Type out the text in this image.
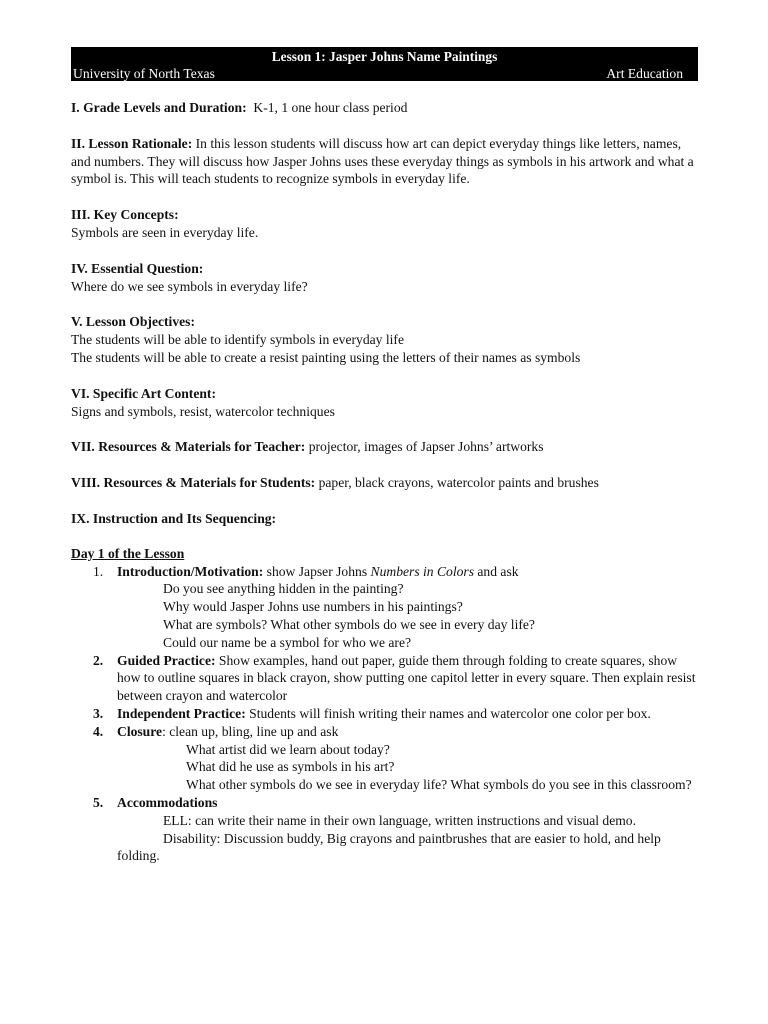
Lesson 1: Jasper Johns Name Paintings
University of North Texas	Art Education

I. Grade Levels and Duration:  K-1, 1 one hour class period

II. Lesson Rationale: In this lesson students will discuss how art can depict everyday things like letters, names, and numbers. They will discuss how Jasper Johns uses these everyday things as symbols in his artwork and what a symbol is. This will teach students to recognize symbols in everyday life.

III. Key Concepts:

Symbols are seen in everyday life.

IV. Essential Question:

Where do we see symbols in everyday life?

V. Lesson Objectives:

The students will be able to identify symbols in everyday life

The students will be able to create a resist painting using the letters of their names as symbols

VI. Specific Art Content:

Signs and symbols, resist, watercolor techniques

VII. Resources & Materials for Teacher: projector, images of Japser Johns’ artworks

VIII. Resources & Materials for Students: paper, black crayons, watercolor paints and brushes

IX. Instruction and Its Sequencing:

Day 1 of the Lesson
1. Introduction/Motivation: show Japser Johns Numbers in Colors and ask
Do you see anything hidden in the painting?
Why would Jasper Johns use numbers in his paintings?
What are symbols? What other symbols do we see in every day life?
Could our name be a symbol for who we are?
2. Guided Practice: Show examples, hand out paper, guide them through folding to create squares, show how to outline squares in black crayon, show putting one capitol letter in every square. Then explain resist between crayon and watercolor
3. Independent Practice: Students will finish writing their names and watercolor one color per box.
4. Closure: clean up, bling, line up and ask
What artist did we learn about today?
What did he use as symbols in his art?
What other symbols do we see in everyday life? What symbols do you see in this classroom?
5. Accommodations
ELL: can write their name in their own language, written instructions and visual demo.
Disability: Discussion buddy, Big crayons and paintbrushes that are easier to hold, and help folding.
